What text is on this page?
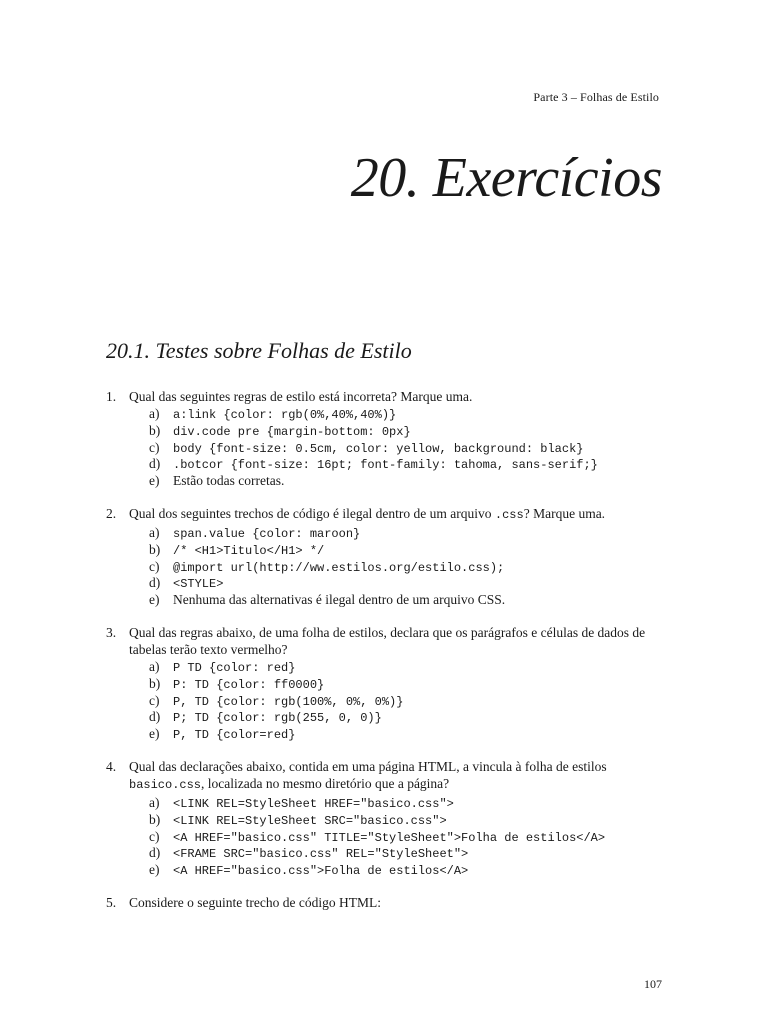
Parte 3 – Folhas de Estilo
20. Exercícios
20.1. Testes sobre Folhas de Estilo
1. Qual das seguintes regras de estilo está incorreta? Marque uma.
a)	a:link {color: rgb(0%,40%,40%)}
b)	div.code pre {margin-bottom: 0px}
c)	body {font-size: 0.5cm, color: yellow, background: black}
d)	.botcor {font-size: 16pt; font-family: tahoma, sans-serif;}
e)	Estão todas corretas.
2. Qual dos seguintes trechos de código é ilegal dentro de um arquivo .css? Marque uma.
a)	span.value {color: maroon}
b)	/* <H1>Titulo</H1> */
c)	@import url(http://ww.estilos.org/estilo.css);
d)	<STYLE>
e)	Nenhuma das alternativas é ilegal dentro de um arquivo CSS.
3. Qual das regras abaixo, de uma folha de estilos, declara que os parágrafos e células de dados de tabelas terão texto vermelho?
a)	P TD {color: red}
b)	P: TD {color: ff0000}
c)	P, TD {color: rgb(100%, 0%, 0%)}
d)	P; TD {color: rgb(255, 0, 0)}
e)	P, TD {color=red}
4. Qual das declarações abaixo, contida em uma página HTML, a vincula à folha de estilos basico.css, localizada no mesmo diretório que a página?
a)	<LINK REL=StyleSheet HREF="basico.css">
b)	<LINK REL=StyleSheet SRC="basico.css">
c)	<A HREF="basico.css" TITLE="StyleSheet">Folha de estilos</A>
d)	<FRAME SRC="basico.css" REL="StyleSheet">
e)	<A HREF="basico.css">Folha de estilos</A>
5. Considere o seguinte trecho de código HTML:
107
